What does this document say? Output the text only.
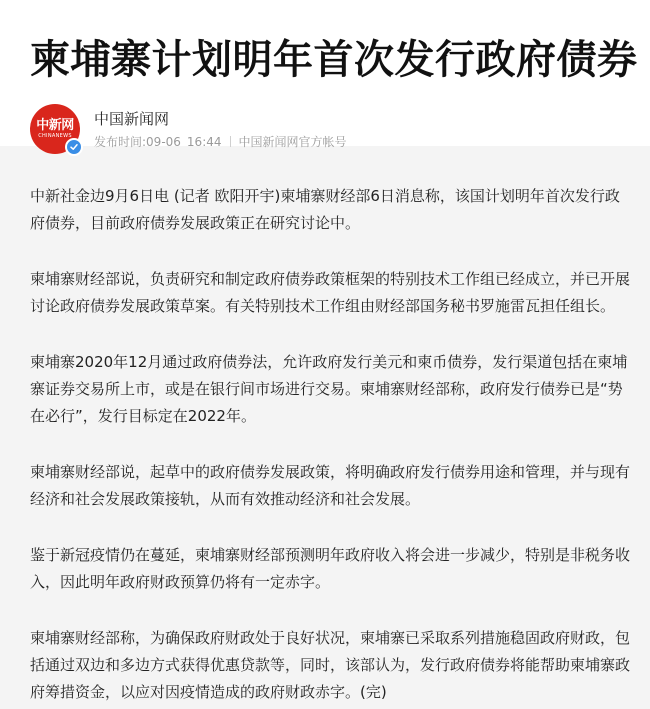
柬埔寨计划明年首次发行政府债券
中新网
CHINANEWS
中国新闻网
发布时间: 09-06 16:44 中国新闻网官方帐号

中新社金边9月6日电 (记者 欧阳开宇)柬埔寨财经部6日消息称，该国计划明年首次发行政府债券，目前政府债券发展政策正在研究讨论中。

柬埔寨财经部说，负责研究和制定政府债券政策框架的特别技术工作组已经成立，并已开展讨论政府债券发展政策草案。有关特别技术工作组由财经部国务秘书罗施雷瓦担任组长。

柬埔寨2020年12月通过政府债券法，允许政府发行美元和柬币债券，发行渠道包括在柬埔寨证券交易所上市，或是在银行间市场进行交易。柬埔寨财经部称，政府发行债券已是“势在必行”，发行目标定在2022年。

柬埔寨财经部说，起草中的政府债券发展政策，将明确政府发行债券用途和管理，并与现有经济和社会发展政策接轨，从而有效推动经济和社会发展。

鉴于新冠疫情仍在蔓延，柬埔寨财经部预测明年政府收入将会进一步减少，特别是非税务收入，因此明年政府财政预算仍将有一定赤字。

柬埔寨财经部称，为确保政府财政处于良好状况，柬埔寨已采取系列措施稳固政府财政，包括通过双边和多边方式获得优惠贷款等，同时，该部认为，发行政府债券将能帮助柬埔寨政府筹措资金，以应对因疫情造成的政府财政赤字。(完)
